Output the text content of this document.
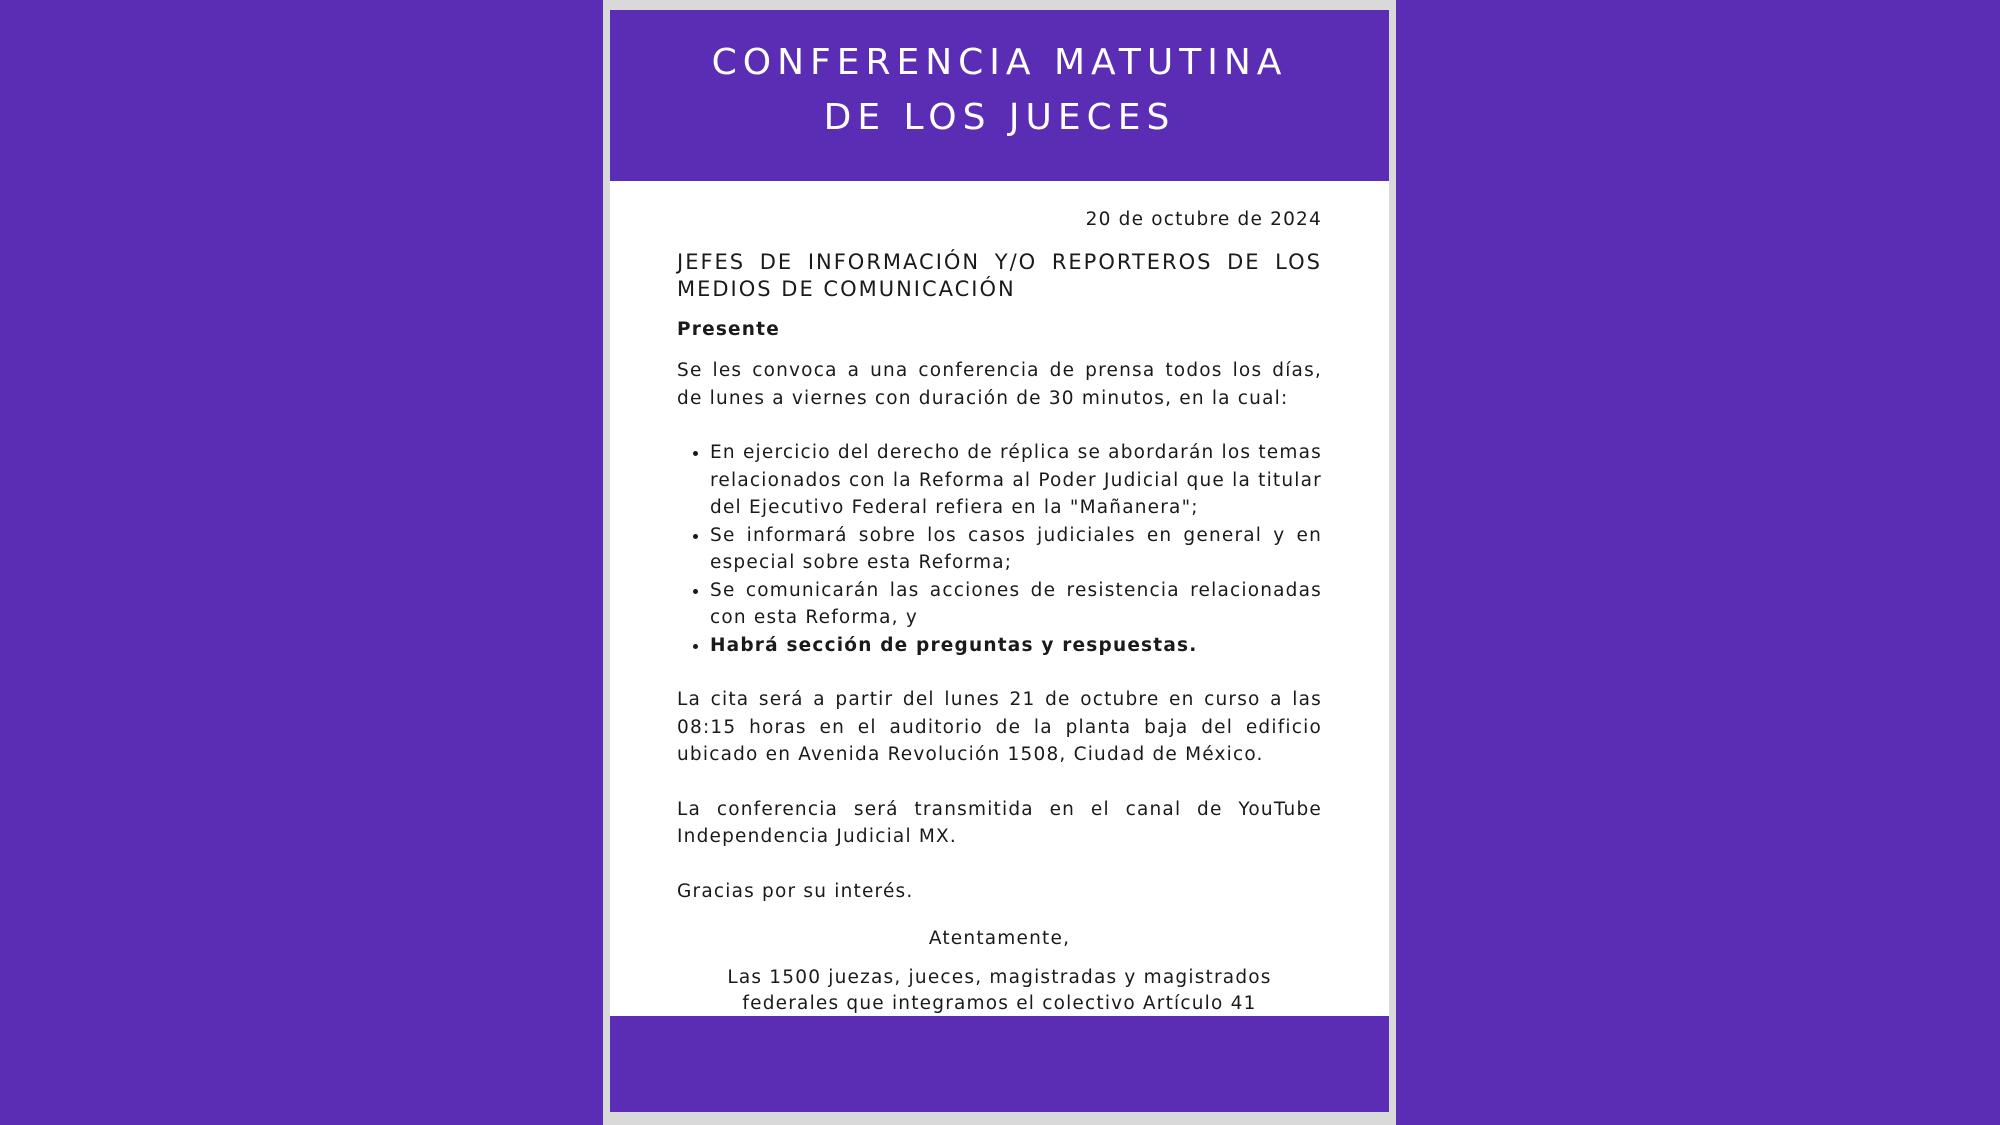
CONFERENCIA MATUTINA
DE LOS JUECES
20 de octubre de 2024
JEFES DE INFORMACIÓN Y/O REPORTEROS DE LOS MEDIOS DE COMUNICACIÓN
Presente

Se les convoca a una conferencia de prensa todos los días, de lunes a viernes con duración de 30 minutos, en la cual:

• En ejercicio del derecho de réplica se abordarán los temas relacionados con la Reforma al Poder Judicial que la titular del Ejecutivo Federal refiera en la "Mañanera";
• Se informará sobre los casos judiciales en general y en especial sobre esta Reforma;
• Se comunicarán las acciones de resistencia relacionadas con esta Reforma, y
• Habrá sección de preguntas y respuestas.

La cita será a partir del lunes 21 de octubre en curso a las 08:15 horas en el auditorio de la planta baja del edificio ubicado en Avenida Revolución 1508, Ciudad de México.

La conferencia será transmitida en el canal de YouTube Independencia Judicial MX.

Gracias por su interés.

Atentamente,
Las 1500 juezas, jueces, magistradas y magistrados
federales que integramos el colectivo Artículo 41
